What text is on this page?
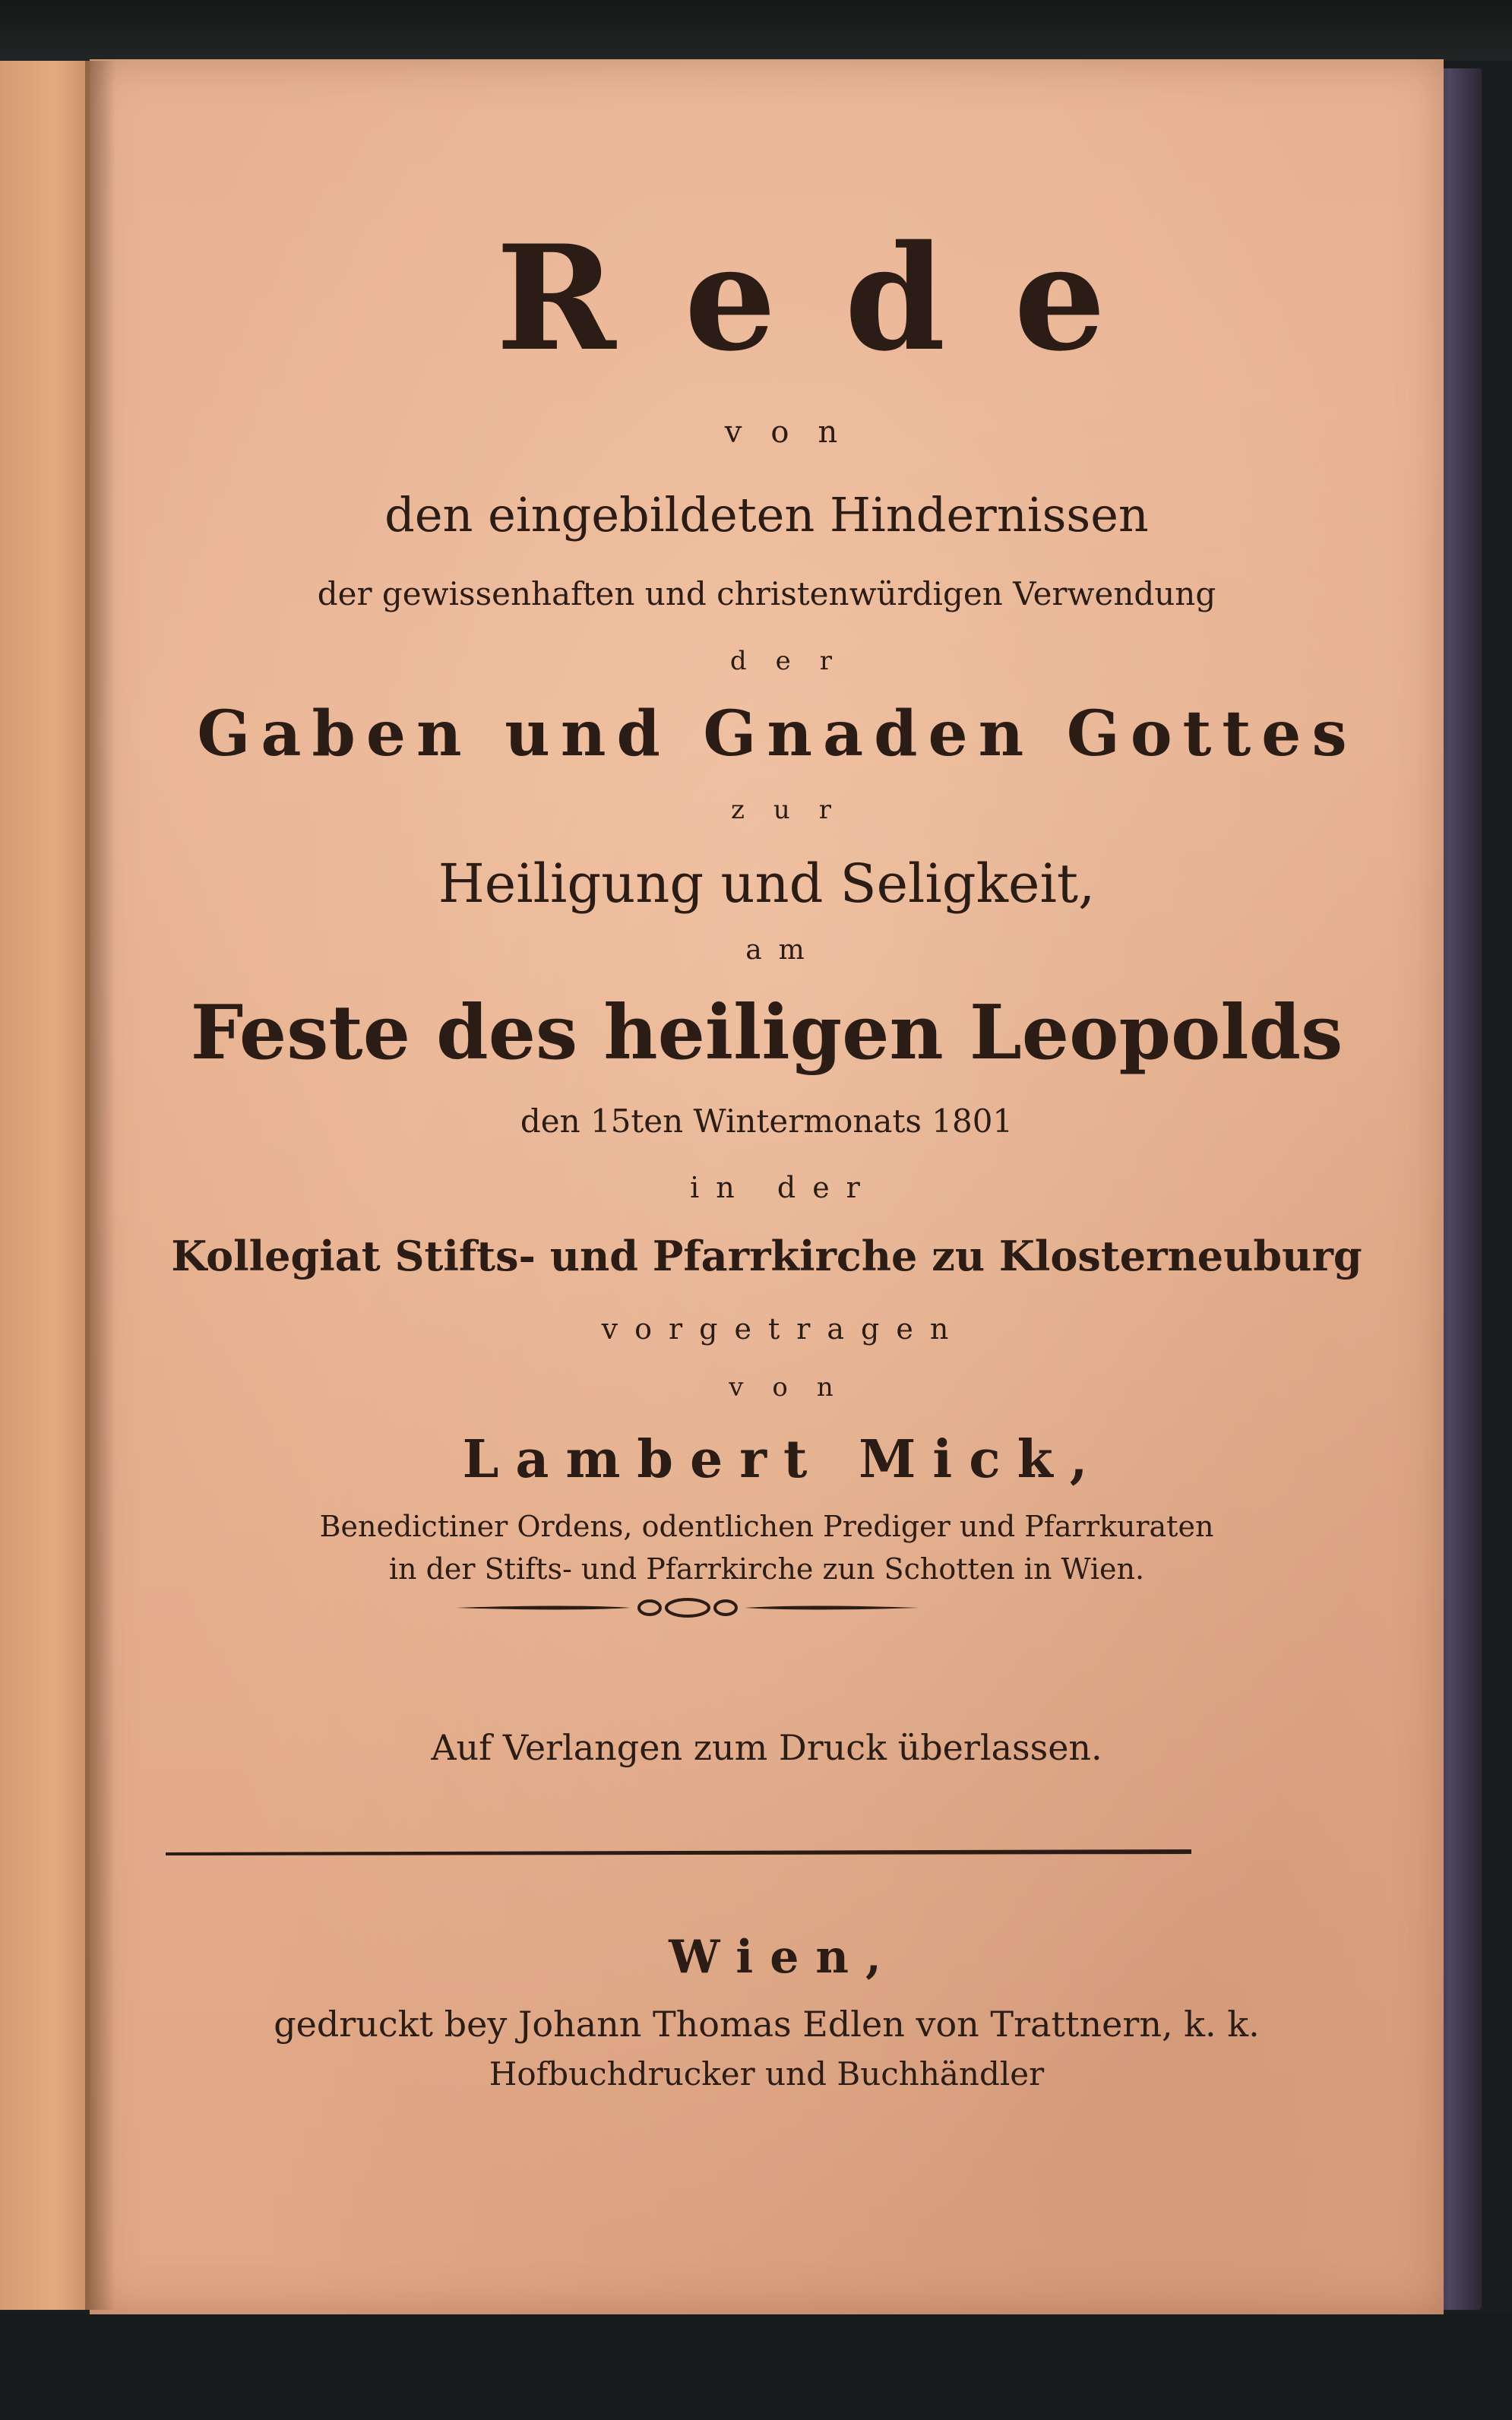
Rede
von
den eingebildeten Hindernissen
der gewissenhaften und christenwürdigen Verwendung
der
Gaben und Gnaden Gottes
zur
Heiligung und Seligkeit,
am
Feste des heiligen Leopolds
den 15ten Wintermonats 1801
in der
Kollegiat Stifts- und Pfarrkirche zu Klosterneuburg
vorgetragen
von
Lambert Mick,
Benedictiner Ordens, odentlichen Prediger und Pfarrkuraten
in der Stifts- und Pfarrkirche zun Schotten in Wien.
Auf Verlangen zum Druck überlassen.
Wien,
gedruckt bey Johann Thomas Edlen von Trattnern, k. k.
Hofbuchdrucker und Buchhändler
